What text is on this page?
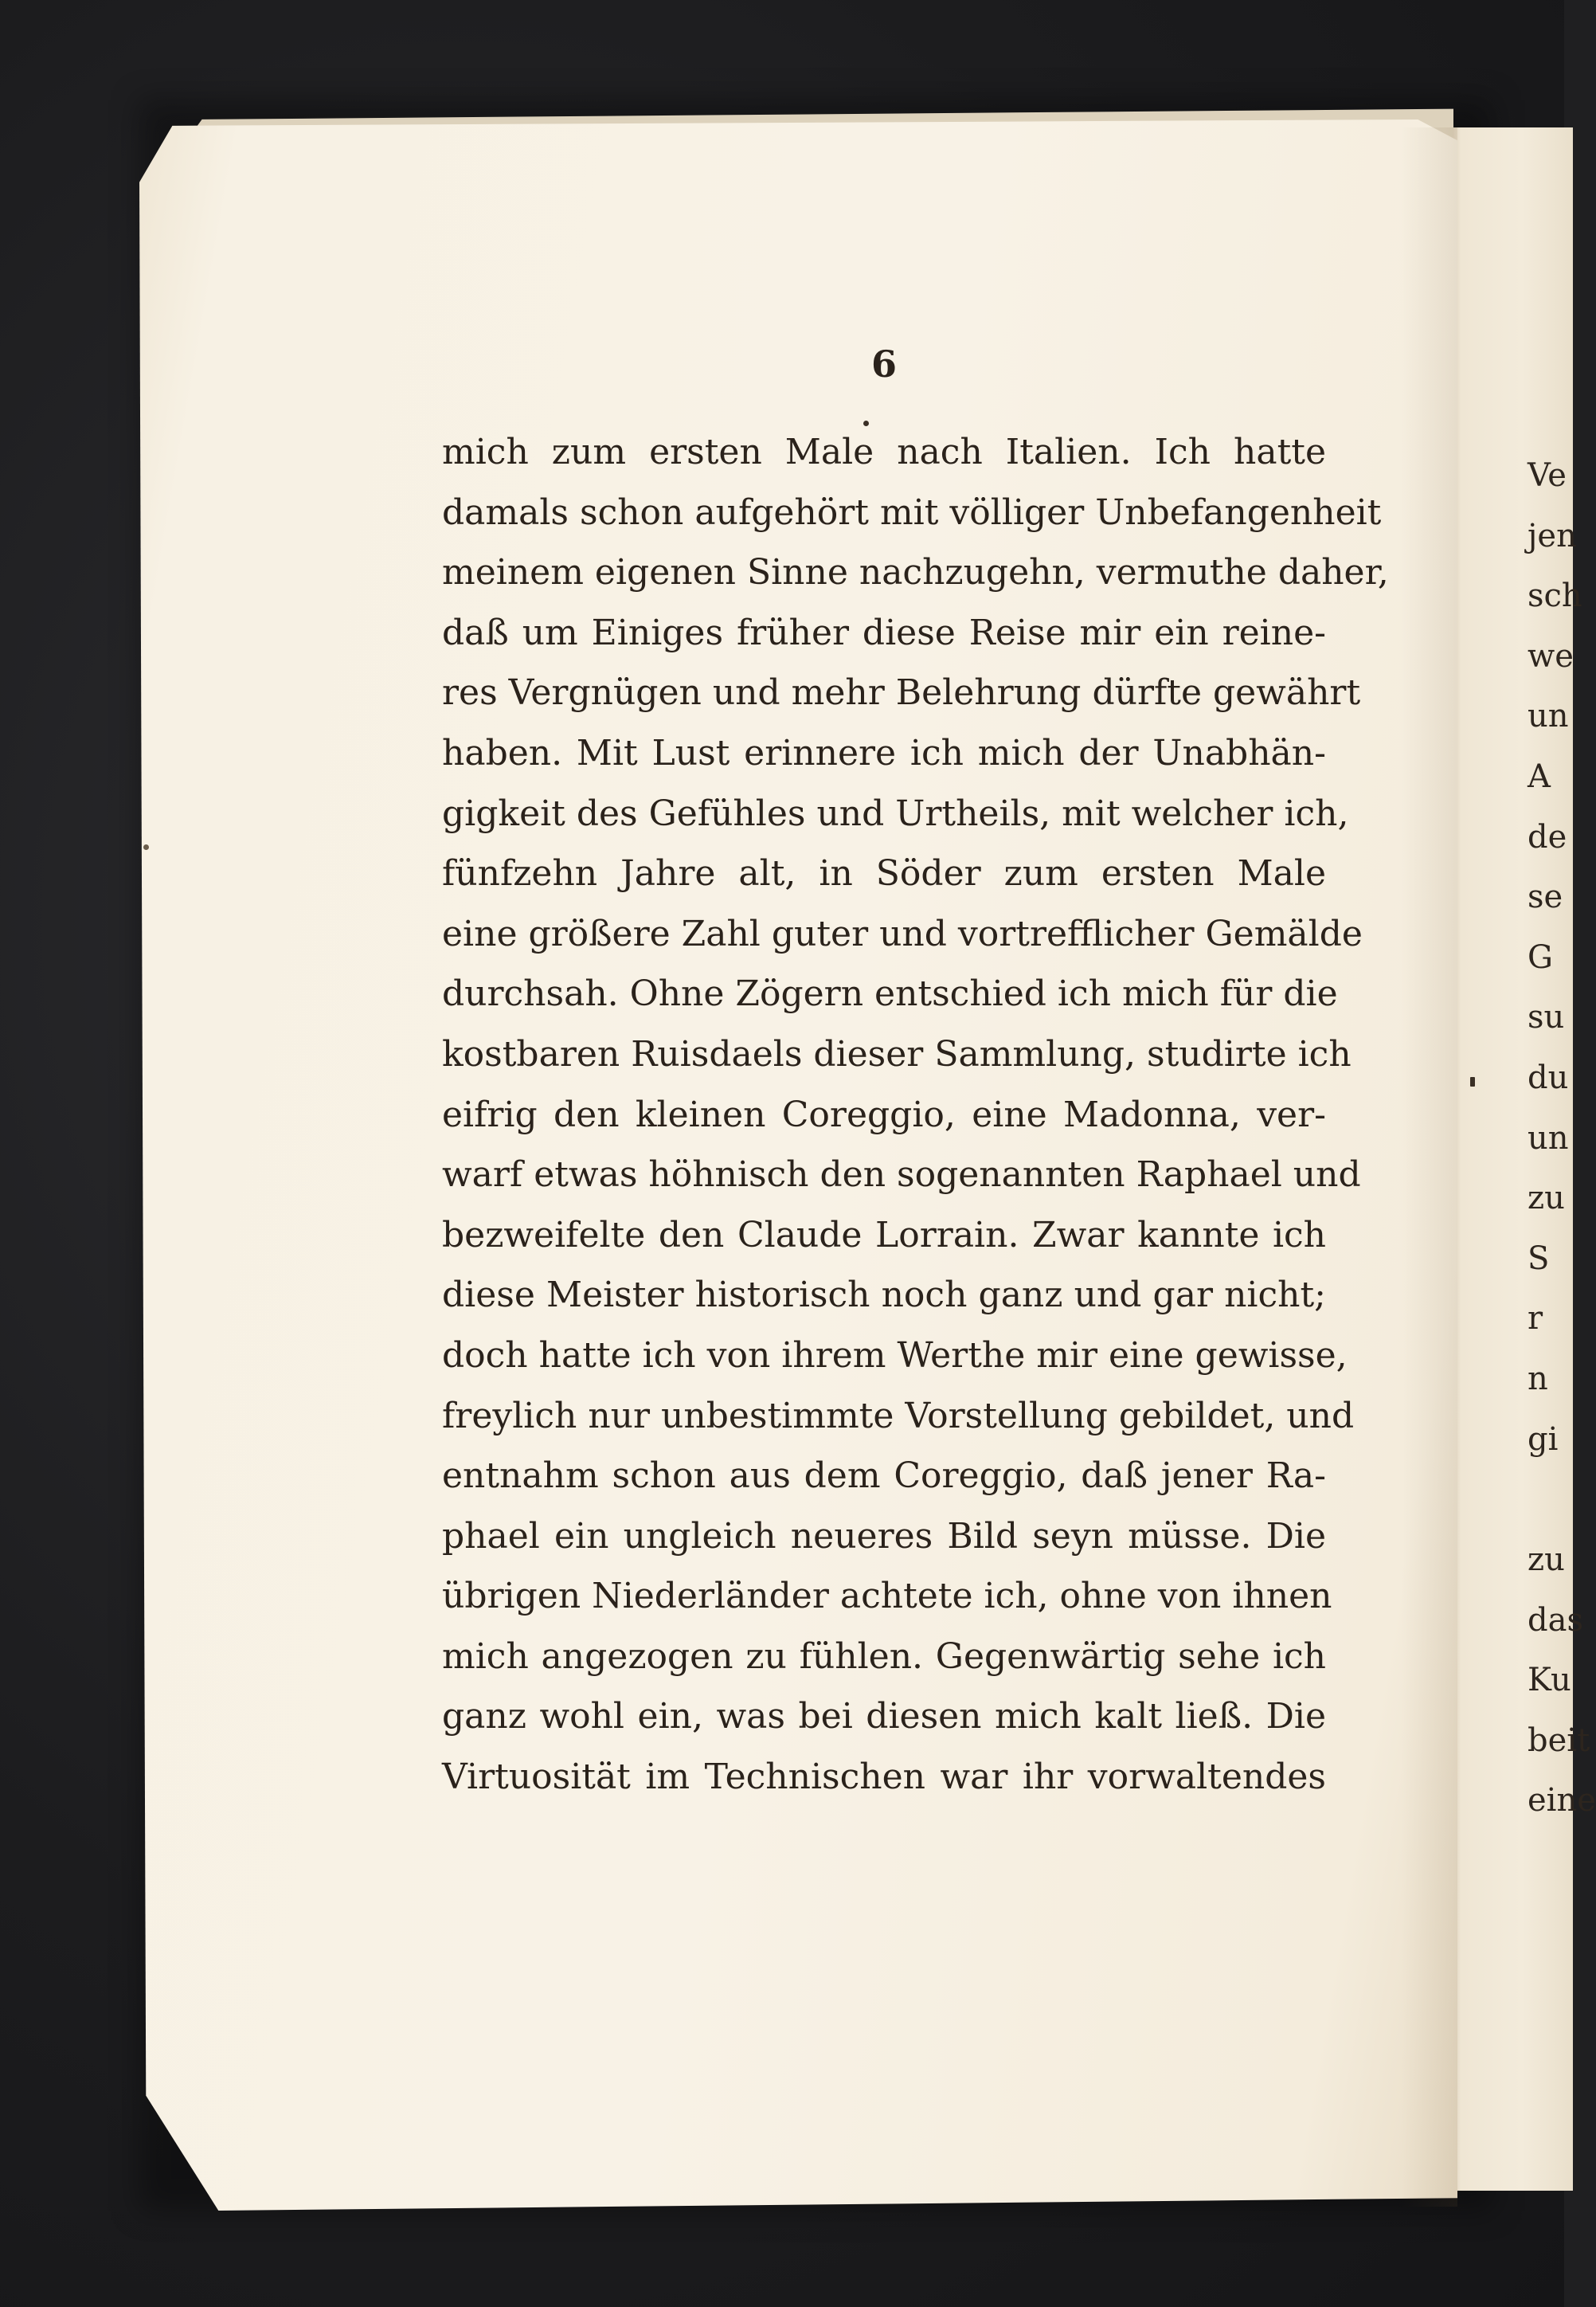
6
mich zum ersten Male nach Italien. Ich hatte
damals schon aufgehört mit völliger Unbefangenheit
meinem eigenen Sinne nachzugehn, vermuthe daher,
daß um Einiges früher diese Reise mir ein reine-
res Vergnügen und mehr Belehrung dürfte gewährt
haben. Mit Lust erinnere ich mich der Unabhän-
gigkeit des Gefühles und Urtheils, mit welcher ich,
fünfzehn Jahre alt, in Söder zum ersten Male
eine größere Zahl guter und vortrefflicher Gemälde
durchsah. Ohne Zögern entschied ich mich für die
kostbaren Ruisdaels dieser Sammlung, studirte ich
eifrig den kleinen Coreggio, eine Madonna, ver-
warf etwas höhnisch den sogenannten Raphael und
bezweifelte den Claude Lorrain. Zwar kannte ich
diese Meister historisch noch ganz und gar nicht;
doch hatte ich von ihrem Werthe mir eine gewisse,
freylich nur unbestimmte Vorstellung gebildet, und
entnahm schon aus dem Coreggio, daß jener Ra-
phael ein ungleich neueres Bild seyn müsse. Die
übrigen Niederländer achtete ich, ohne von ihnen
mich angezogen zu fühlen. Gegenwärtig sehe ich
ganz wohl ein, was bei diesen mich kalt ließ. Die
Virtuosität im Technischen war ihr vorwaltendes
Ve
jen
sch
we
un
A
de
se
G
su
du
un
zu
S
r
n
gi
zu
das
Ku
beit
eine
